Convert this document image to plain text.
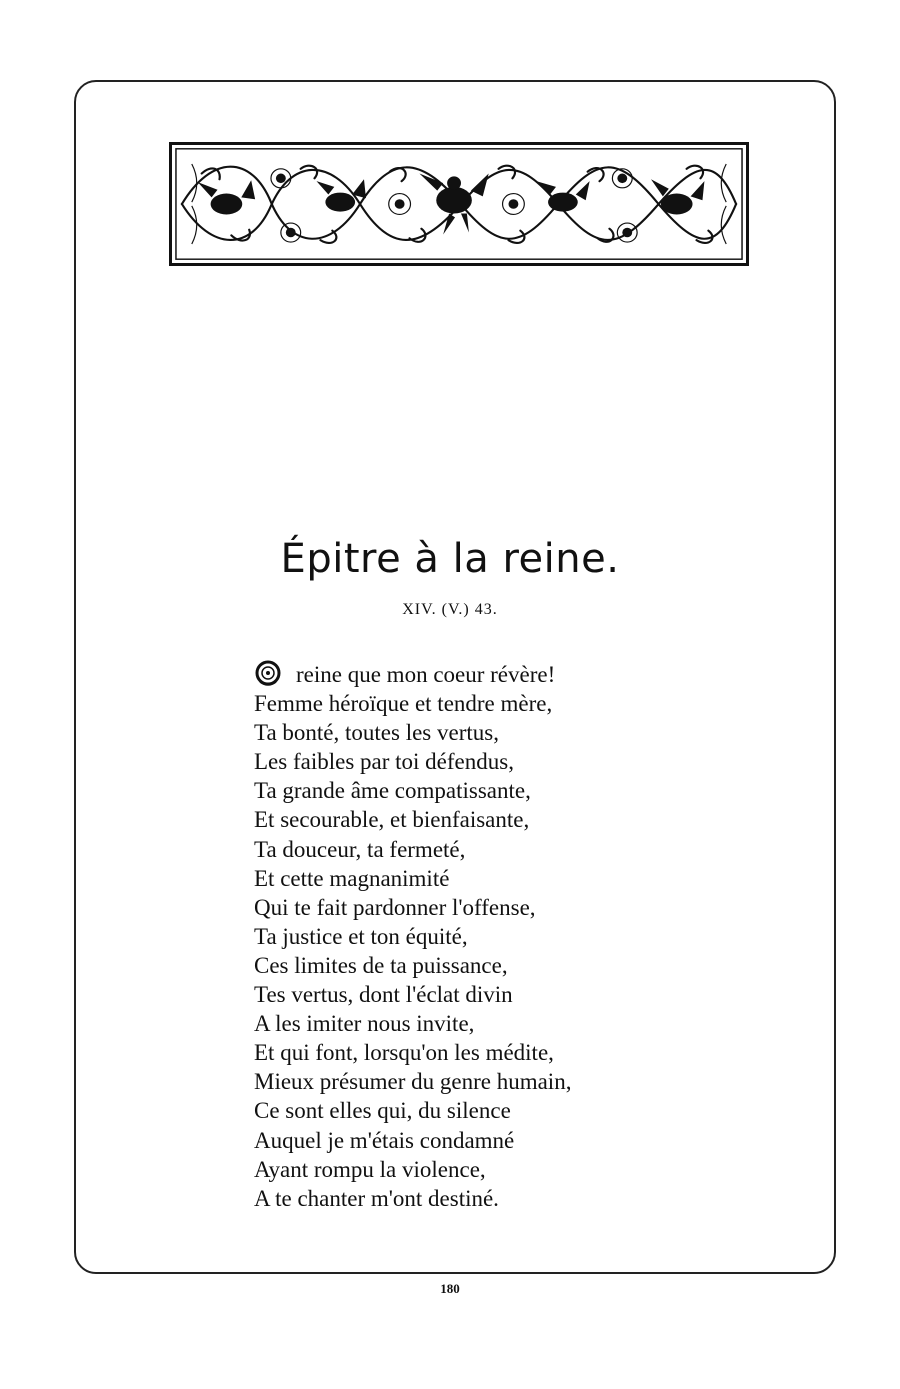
Épitre à la reine.
XIV. (V.) 43.
reine que mon coeur révère!
Femme héroïque et tendre mère,
Ta bonté, toutes les vertus,
Les faibles par toi défendus,
Ta grande âme compatissante,
Et secourable, et bienfaisante,
Ta douceur, ta fermeté,
Et cette magnanimité
Qui te fait pardonner l'offense,
Ta justice et ton équité,
Ces limites de ta puissance,
Tes vertus, dont l'éclat divin
A les imiter nous invite,
Et qui font, lorsqu'on les médite,
Mieux présumer du genre humain,
Ce sont elles qui, du silence
Auquel je m'étais condamné
Ayant rompu la violence,
A te chanter m'ont destiné.
180
